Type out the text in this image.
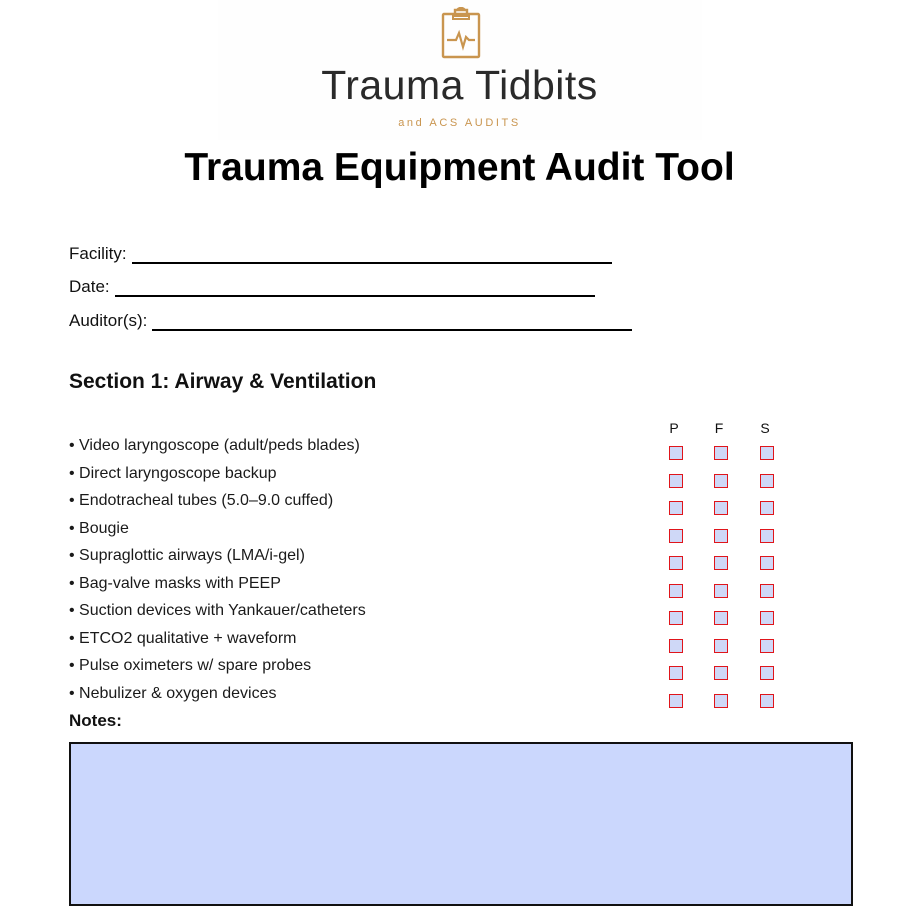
Trauma Tidbits
and ACS AUDITS
Trauma Equipment Audit Tool
Facility:
Date:
Auditor(s):
Section 1: Airway & Ventilation
P	F	S
• Video laryngoscope (adult/peds blades)
• Direct laryngoscope backup
• Endotracheal tubes (5.0–9.0 cuffed)
• Bougie
• Supraglottic airways (LMA/i-gel)
• Bag-valve masks with PEEP
• Suction devices with Yankauer/catheters
• ETCO2 qualitative + waveform
• Pulse oximeters w/ spare probes
• Nebulizer & oxygen devices
Notes:
